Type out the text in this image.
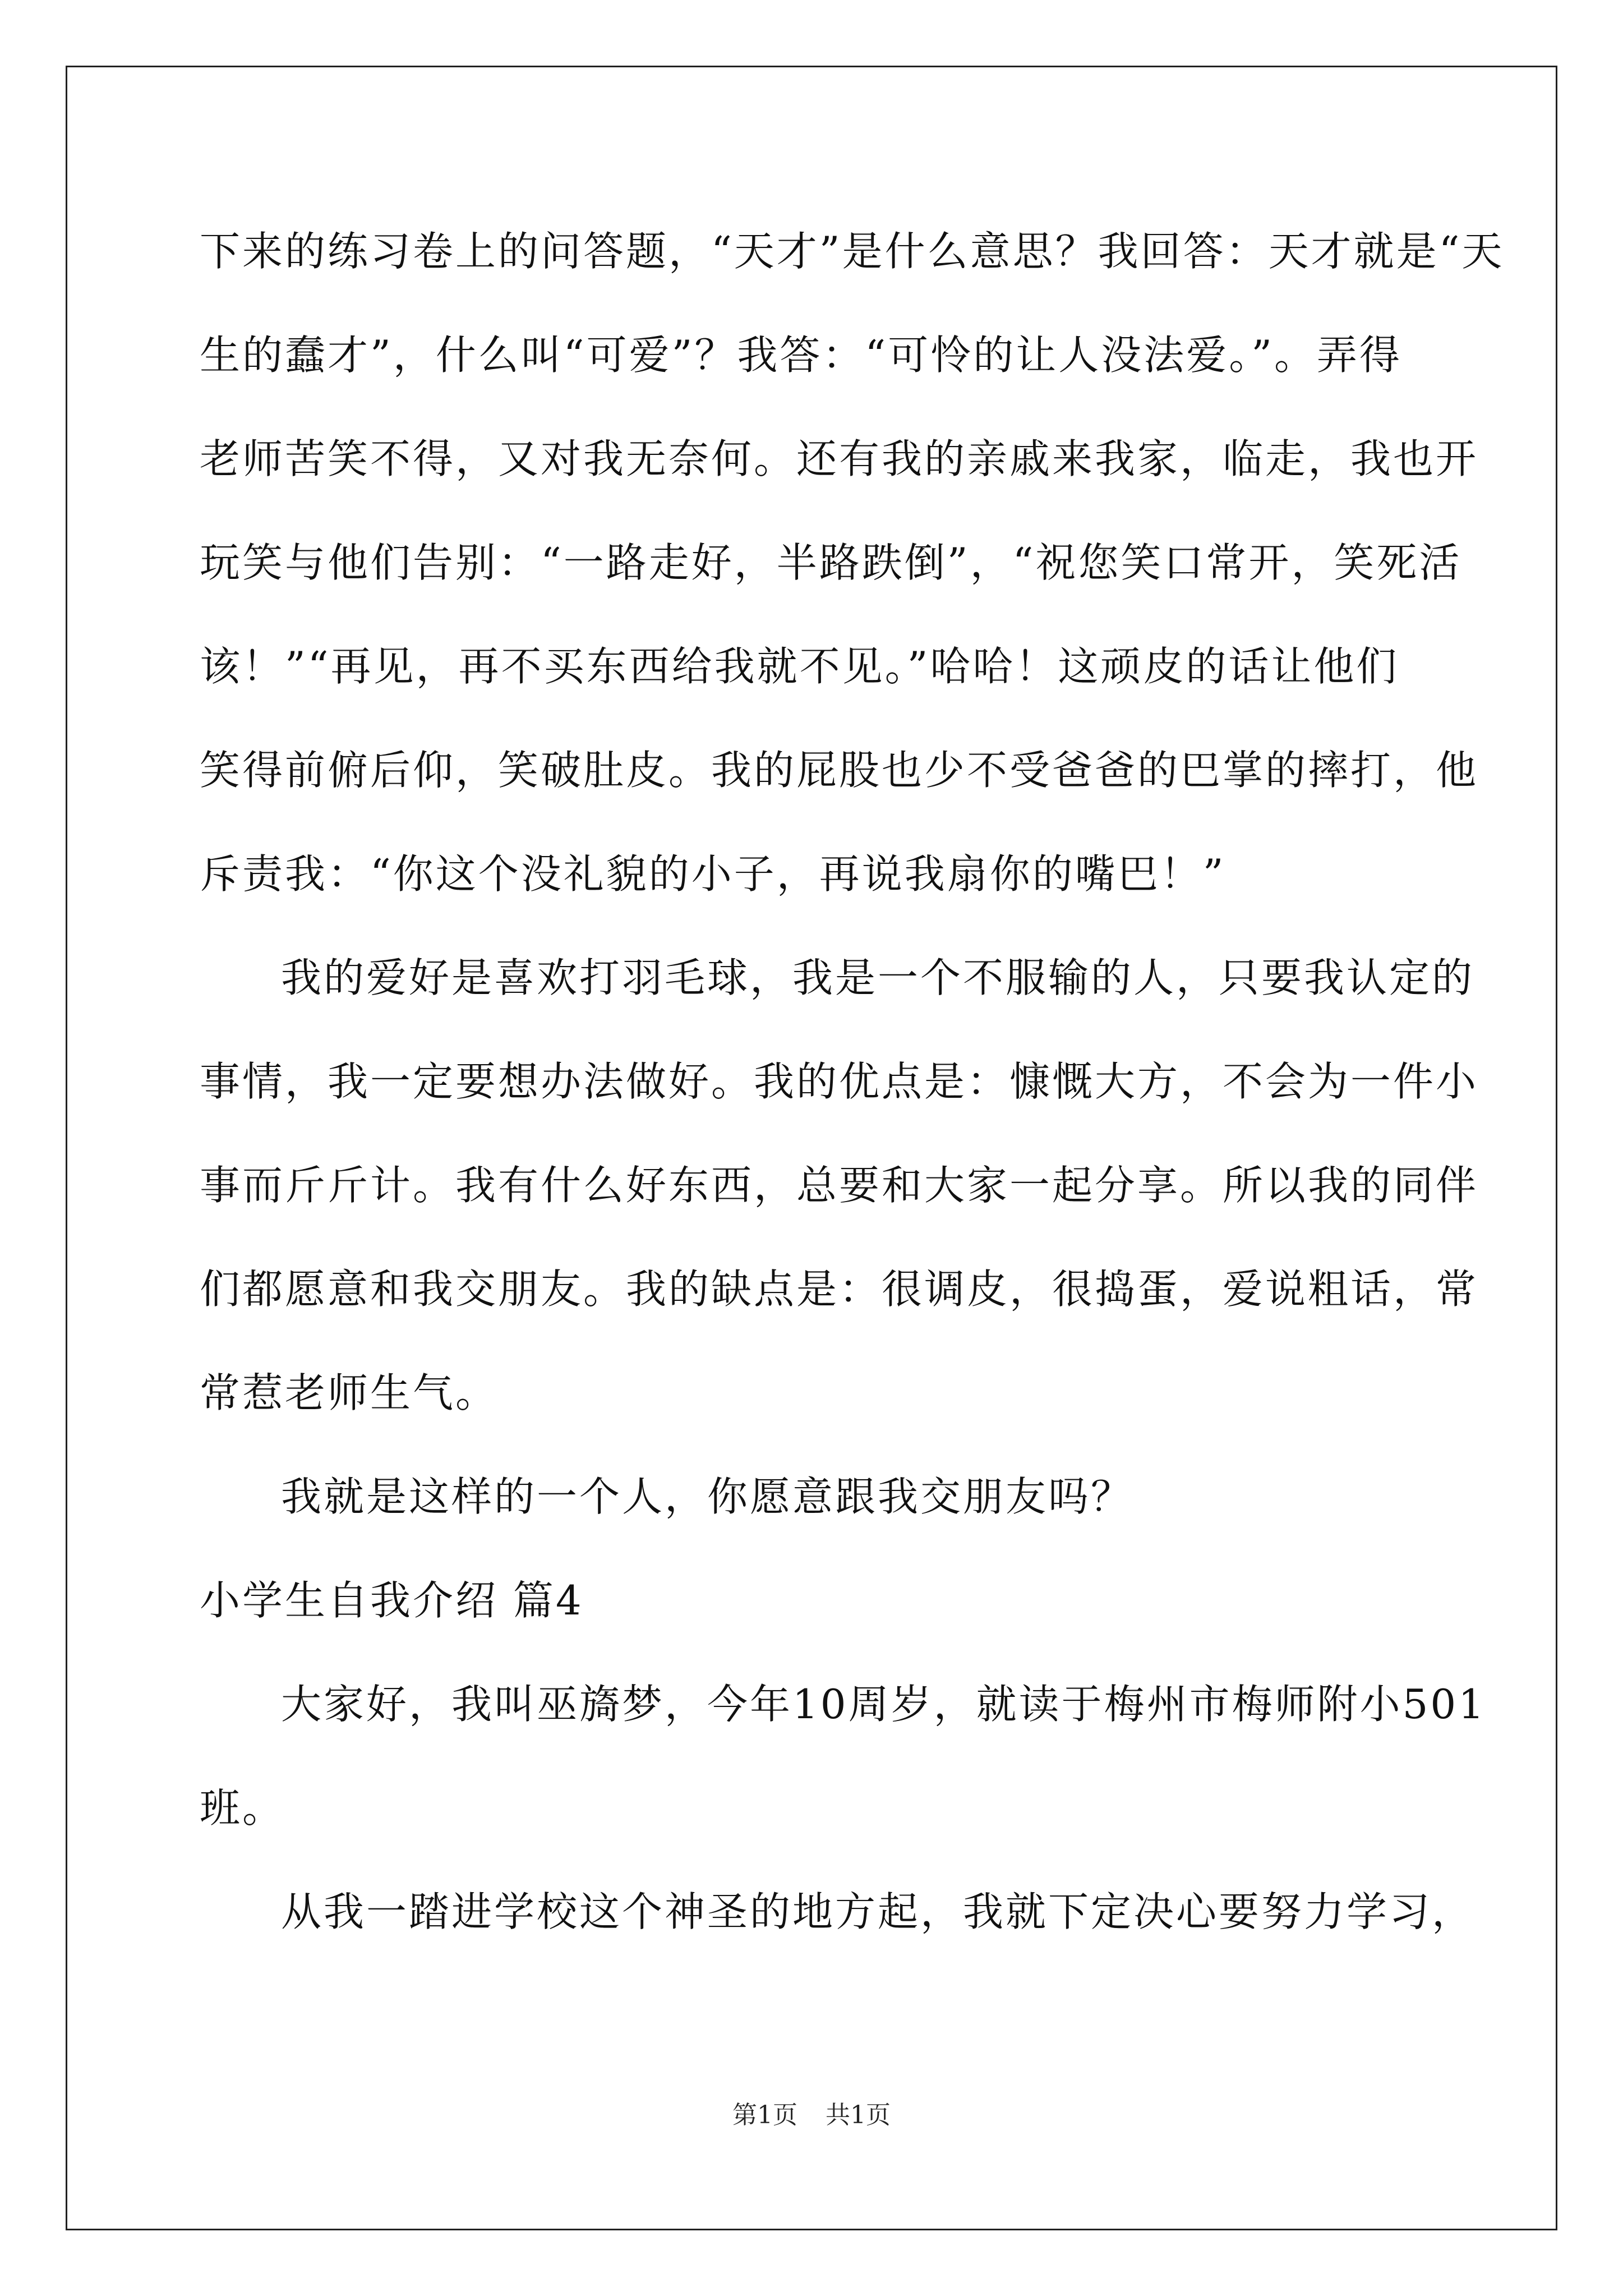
下来的练习卷上的问答题，“天才”是什么意思？我回答：天才就是“天
生的蠢才”，什么叫“可爱”？我答：“可怜的让人没法爱。”。弄得
老师苦笑不得，又对我无奈何。还有我的亲戚来我家，临走，我也开
玩笑与他们告别：“一路走好，半路跌倒”，“祝您笑口常开，笑死活
该！”“再见，再不买东西给我就不见。”哈哈！这顽皮的话让他们
笑得前俯后仰，笑破肚皮。我的屁股也少不受爸爸的巴掌的摔打，他
斥责我：“你这个没礼貌的小子，再说我扇你的嘴巴！”
我的爱好是喜欢打羽毛球，我是一个不服输的人，只要我认定的
事情，我一定要想办法做好。我的优点是：慷慨大方，不会为一件小
事而斤斤计。我有什么好东西，总要和大家一起分享。所以我的同伴
们都愿意和我交朋友。我的缺点是：很调皮，很捣蛋，爱说粗话，常
常惹老师生气。
我就是这样的一个人，你愿意跟我交朋友吗？
小学生自我介绍 篇4
大家好，我叫巫旖梦，今年10周岁，就读于梅州市梅师附小501
班。
从我一踏进学校这个神圣的地方起，我就下定决心要努力学习，
第1页 共1页
